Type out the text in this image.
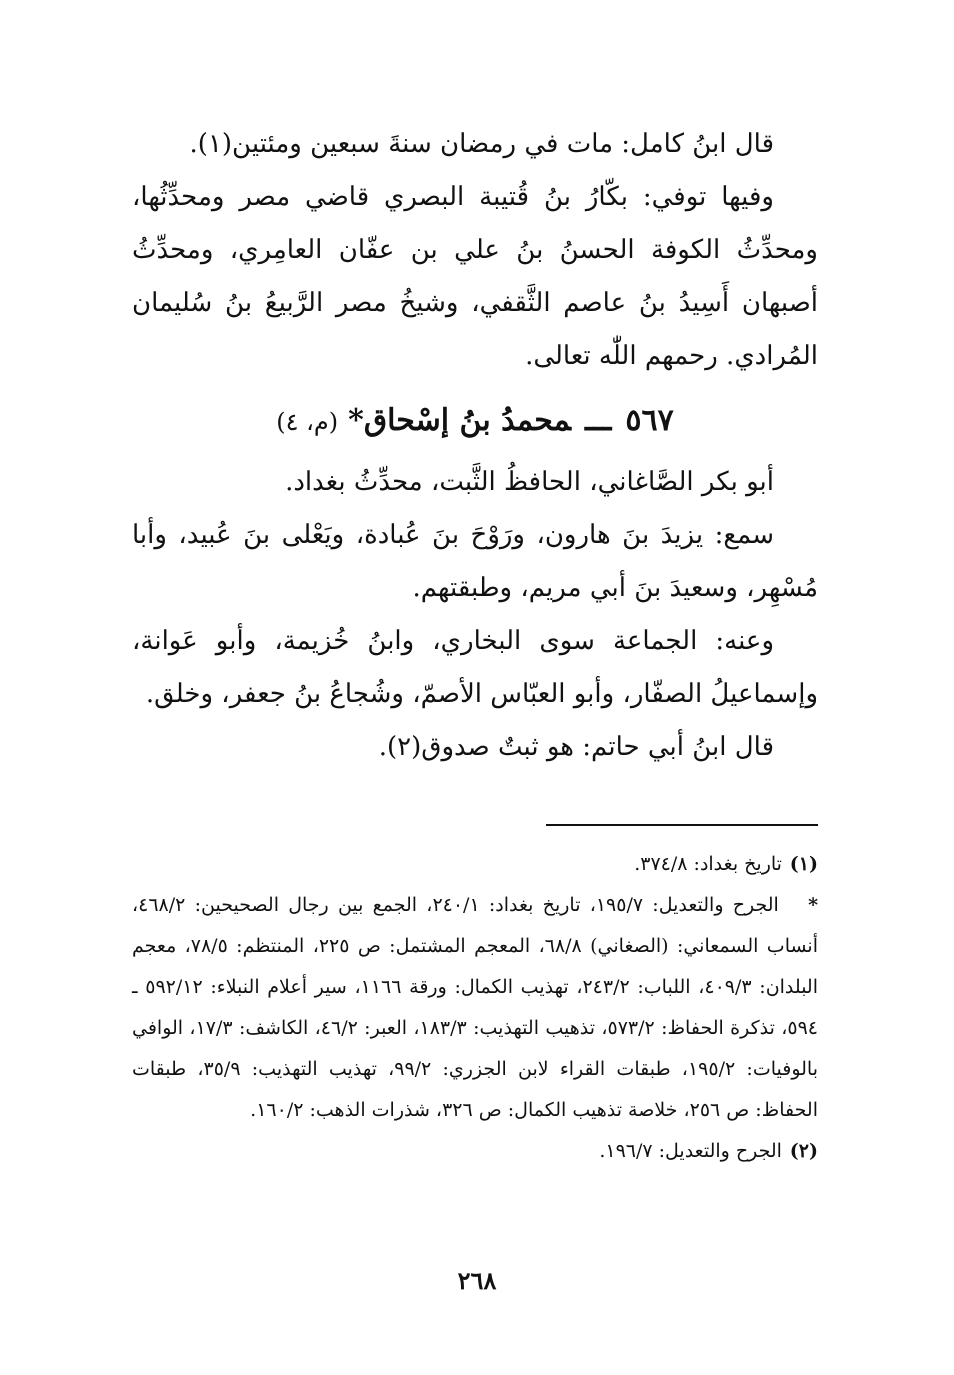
قال ابنُ كامل: مات في رمضان سنةَ سبعين ومئتين(١).

وفيها توفي: بكّارُ بنُ قُتيبة البصري قاضي مصر ومحدِّثُها، ومحدِّثُ الكوفة الحسنُ بنُ علي بن عفّان العامِري، ومحدِّثُ أصبهان أَسِيدُ بنُ عاصم الثَّقفي، وشيخُ مصر الرَّبيعُ بنُ سُليمان المُرادي. رحمهم اللّٰه تعالى.

٥٦٧ـــمحمدُ بنُ إسْحاق*(م، ٤)

أبو بكر الصَّاغاني، الحافظُ الثَّبت، محدِّثُ بغداد.

سمع: يزيدَ بنَ هارون، ورَوْحَ بنَ عُبادة، ويَعْلى بنَ عُبيد، وأبا مُسْهِر، وسعيدَ بنَ أبي مريم، وطبقتهم.

وعنه: الجماعة سوى البخاري، وابنُ خُزيمة، وأبو عَوانة، وإسماعيلُ الصفّار، وأبو العبّاس الأصمّ، وشُجاعُ بنُ جعفر، وخلق.

قال ابنُ أبي حاتم: هو ثبتٌ صدوق(٢).

(١) تاريخ بغداد: ٣٧٤/٨.

* الجرح والتعديل: ١٩٥/٧، تاريخ بغداد: ٢٤٠/١، الجمع بين رجال الصحيحين: ٤٦٨/٢، أنساب السمعاني: (الصغاني) ٦٨/٨، المعجم المشتمل: ص ٢٢٥، المنتظم: ٧٨/٥، معجم البلدان: ٤٠٩/٣، اللباب: ٢٤٣/٢، تهذيب الكمال: ورقة ١١٦٦، سير أعلام النبلاء: ٥٩٢/١٢ ـ ٥٩٤، تذكرة الحفاظ: ٥٧٣/٢، تذهيب التهذيب: ١٨٣/٣، العبر: ٤٦/٢، الكاشف: ١٧/٣، الوافي بالوفيات: ١٩٥/٢، طبقات القراء لابن الجزري: ٩٩/٢، تهذيب التهذيب: ٣٥/٩، طبقات الحفاظ: ص ٢٥٦، خلاصة تذهيب الكمال: ص ٣٢٦، شذرات الذهب: ١٦٠/٢.

(٢) الجرح والتعديل: ١٩٦/٧.

٢٦٨
